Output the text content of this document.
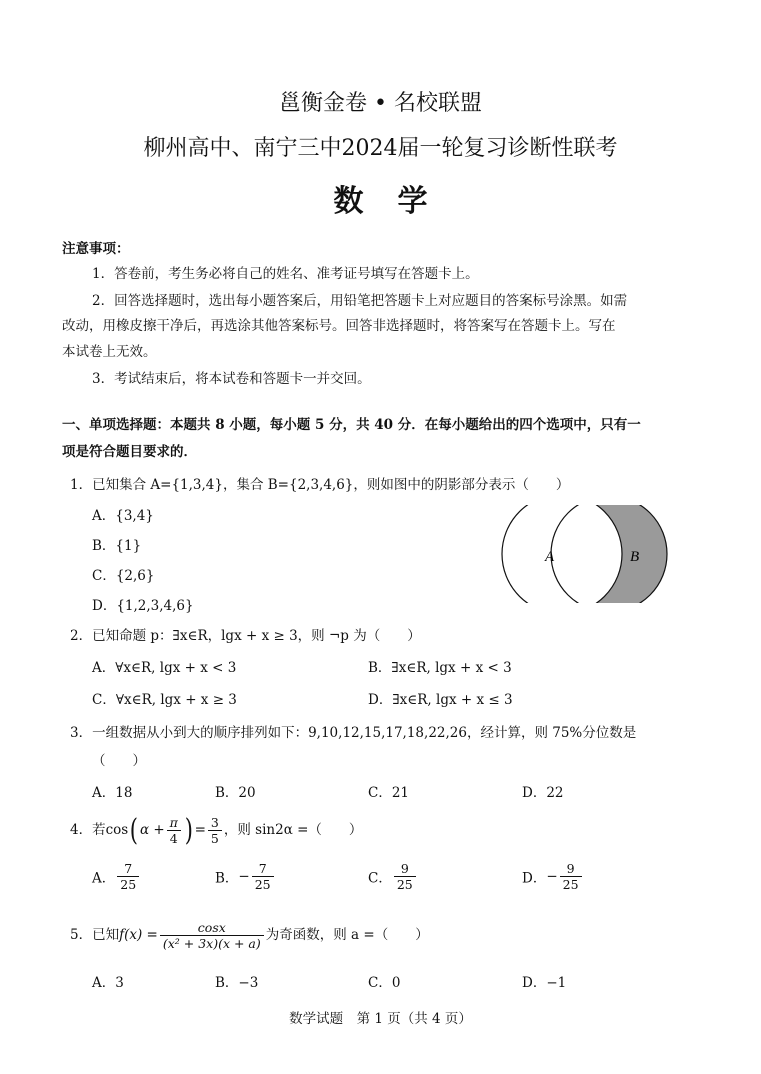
邕衡金卷 • 名校联盟
柳州高中、南宁三中2024届一轮复习诊断性联考
数学
注意事项：
1．答卷前，考生务必将自己的姓名、准考证号填写在答题卡上。
2．回答选择题时，选出每小题答案后，用铅笔把答题卡上对应题目的答案标号涂黑。如需
改动，用橡皮擦干净后，再选涂其他答案标号。回答非选择题时，将答案写在答题卡上。写在
本试卷上无效。
3．考试结束后，将本试卷和答题卡一并交回。
一、单项选择题：本题共 8 小题，每小题 5 分，共 40 分．在每小题给出的四个选项中，只有一
项是符合题目要求的．
1．已知集合 A={1,3,4}，集合 B={2,3,4,6}，则如图中的阴影部分表示（　　）
A．{3,4}
B．{1}
C．{2,6}
D．{1,2,3,4,6}
A	B
2．已知命题 p：∃x∈R，lgx + x ≥ 3，则 ¬p 为（　　）
A．∀x∈R, lgx + x < 3	B．∃x∈R, lgx + x < 3
C．∀x∈R, lgx + x ≥ 3	D．∃x∈R, lgx + x ≤ 3
3．一组数据从小到大的顺序排列如下：9,10,12,15,17,18,22,26，经计算，则 75%分位数是
（　　）
A．18	B．20	C．21	D．22
4．若cos( $\alpha + \frac{\pi}{4}$ ) = $\frac{3}{5}$ ，则 sin2α =（　　）
A． $\frac{7}{25}$	B．− $\frac{7}{25}$	C． $\frac{9}{25}$	D．− $\frac{9}{25}$
5．已知$f(x) = \frac{\cos x}{\text{(x² + 3x)(x + a)}}$ 为奇函数，则 a =（　　）
A．3	B．−3	C．0	D．−1
数学试题　第 1 页（共 4 页）
